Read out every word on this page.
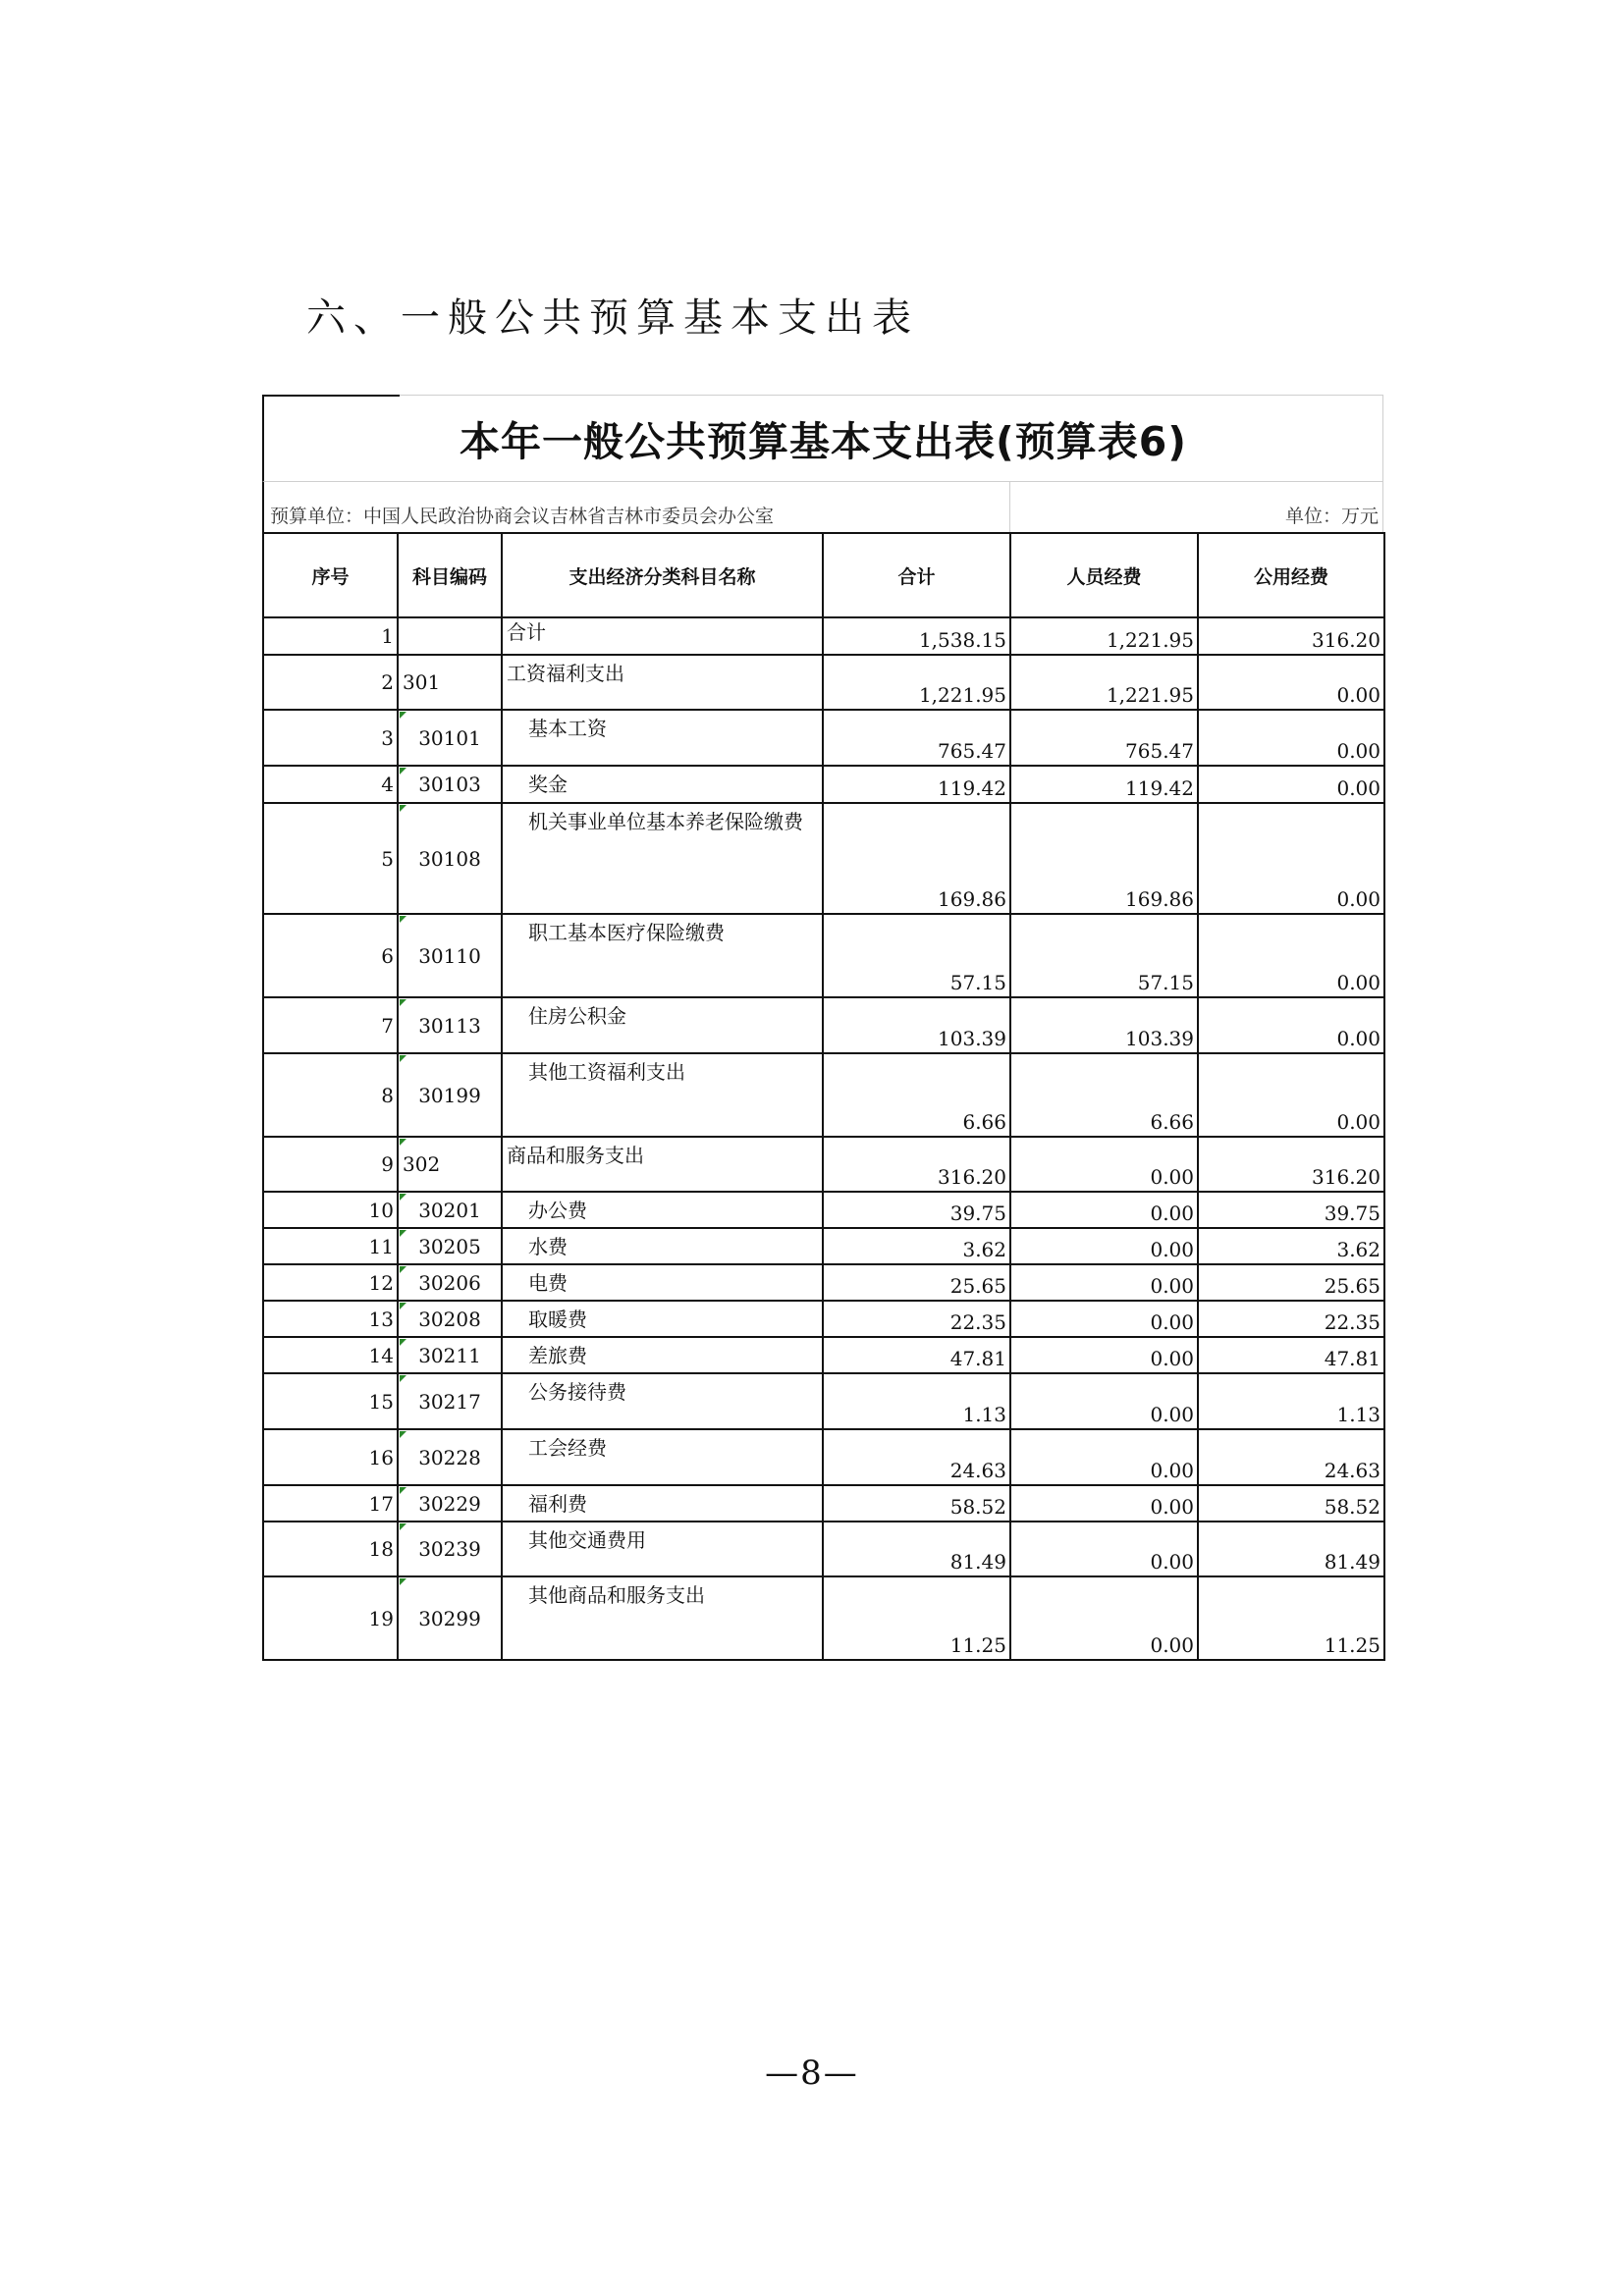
六、一般公共预算基本支出表
本年一般公共预算基本支出表(预算表6)
预算单位：中国人民政治协商会议吉林省吉林市委员会办公室	单位：万元
序号	科目编码	支出经济分类科目名称	合计	人员经费	公用经费
1		合计	1,538.15	1,221.95	316.20
2	301	工资福利支出	1,221.95	1,221.95	0.00
3	30101	基本工资	765.47	765.47	0.00
4	30103	奖金	119.42	119.42	0.00
5	30108	机关事业单位基本养老保险缴费	169.86	169.86	0.00
6	30110	职工基本医疗保险缴费	57.15	57.15	0.00
7	30113	住房公积金	103.39	103.39	0.00
8	30199	其他工资福利支出	6.66	6.66	0.00
9	302	商品和服务支出	316.20	0.00	316.20
10	30201	办公费	39.75	0.00	39.75
11	30205	水费	3.62	0.00	3.62
12	30206	电费	25.65	0.00	25.65
13	30208	取暖费	22.35	0.00	22.35
14	30211	差旅费	47.81	0.00	47.81
15	30217	公务接待费	1.13	0.00	1.13
16	30228	工会经费	24.63	0.00	24.63
17	30229	福利费	58.52	0.00	58.52
18	30239	其他交通费用	81.49	0.00	81.49
19	30299	其他商品和服务支出	11.25	0.00	11.25
—8—
